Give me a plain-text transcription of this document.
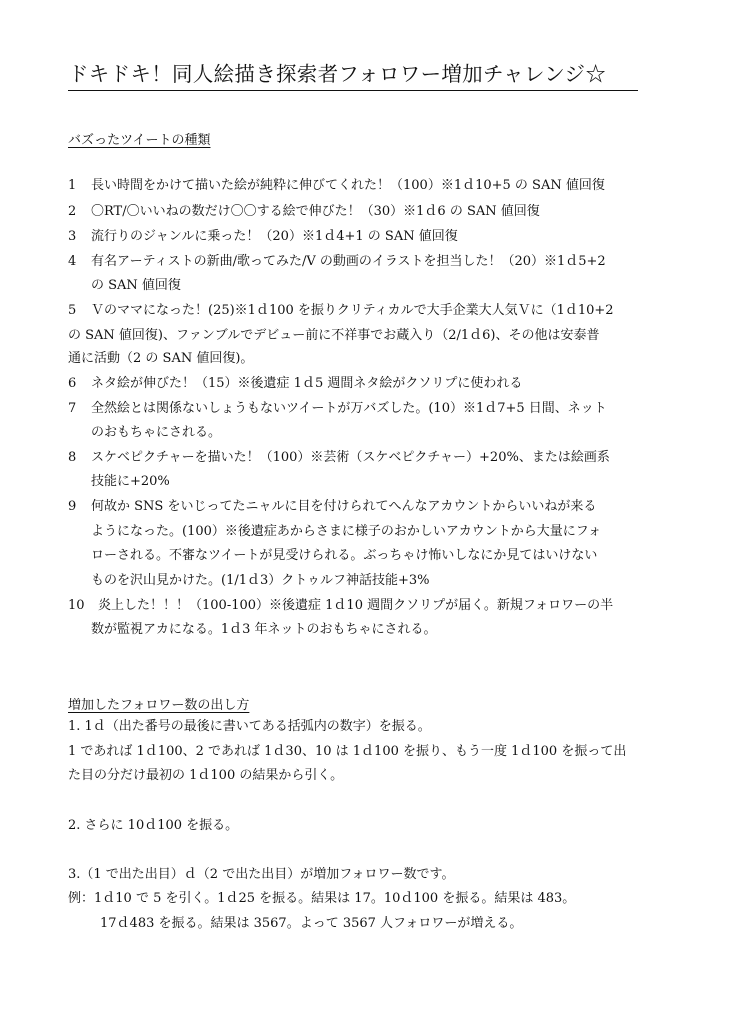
ドキドキ！同人絵描き探索者フォロワー増加チャレンジ☆
バズったツイートの種類
1 長い時間をかけて描いた絵が純粋に伸びてくれた！（100）※1ｄ10+5 の SAN 値回復
2 〇RT/〇いいねの数だけ〇〇する絵で伸びた！（30）※1ｄ6 の SAN 値回復
3 流行りのジャンルに乗った！（20）※1ｄ4+1 の SAN 値回復
4 有名アーティストの新曲/歌ってみた/V の動画のイラストを担当した！（20）※1ｄ5+2
の SAN 値回復
5 Ｖのママになった！(25)※1ｄ100 を振りクリティカルで大手企業大人気Ｖに（1ｄ10+2
の SAN 値回復)、ファンブルでデビュー前に不祥事でお蔵入り（2/1ｄ6)、その他は安泰普
通に活動（2 の SAN 値回復)。
6 ネタ絵が伸びた！（15）※後遺症 1ｄ5 週間ネタ絵がクソリプに使われる
7 全然絵とは関係ないしょうもないツイートが万バズした。(10）※1ｄ7+5 日間、ネット
のおもちゃにされる。
8 スケベピクチャーを描いた！（100）※芸術（スケベピクチャー）+20%、または絵画系
技能に+20%
9 何故か SNS をいじってたニャルに目を付けられてへんなアカウントからいいねが来る
ようになった。(100）※後遺症あからさまに様子のおかしいアカウントから大量にフォ
ローされる。不審なツイートが見受けられる。ぶっちゃけ怖いしなにか見てはいけない
ものを沢山見かけた。(1/1ｄ3）クトゥルフ神話技能+3%
10 炎上した！！！（100-100）※後遺症 1ｄ10 週間クソリプが届く。新規フォロワーの半
数が監視アカになる。1ｄ3 年ネットのおもちゃにされる。
増加したフォロワー数の出し方
1. 1ｄ（出た番号の最後に書いてある括弧内の数字）を振る。
1 であれば 1ｄ100、2 であれば 1ｄ30、10 は 1ｄ100 を振り、もう一度 1ｄ100 を振って出
た目の分だけ最初の 1ｄ100 の結果から引く。
2. さらに 10ｄ100 を振る。
3.（1 で出た出目）ｄ（2 で出た出目）が増加フォロワー数です。
例：1ｄ10 で 5 を引く。1ｄ25 を振る。結果は 17。10ｄ100 を振る。結果は 483。
17ｄ483 を振る。結果は 3567。よって 3567 人フォロワーが増える。
